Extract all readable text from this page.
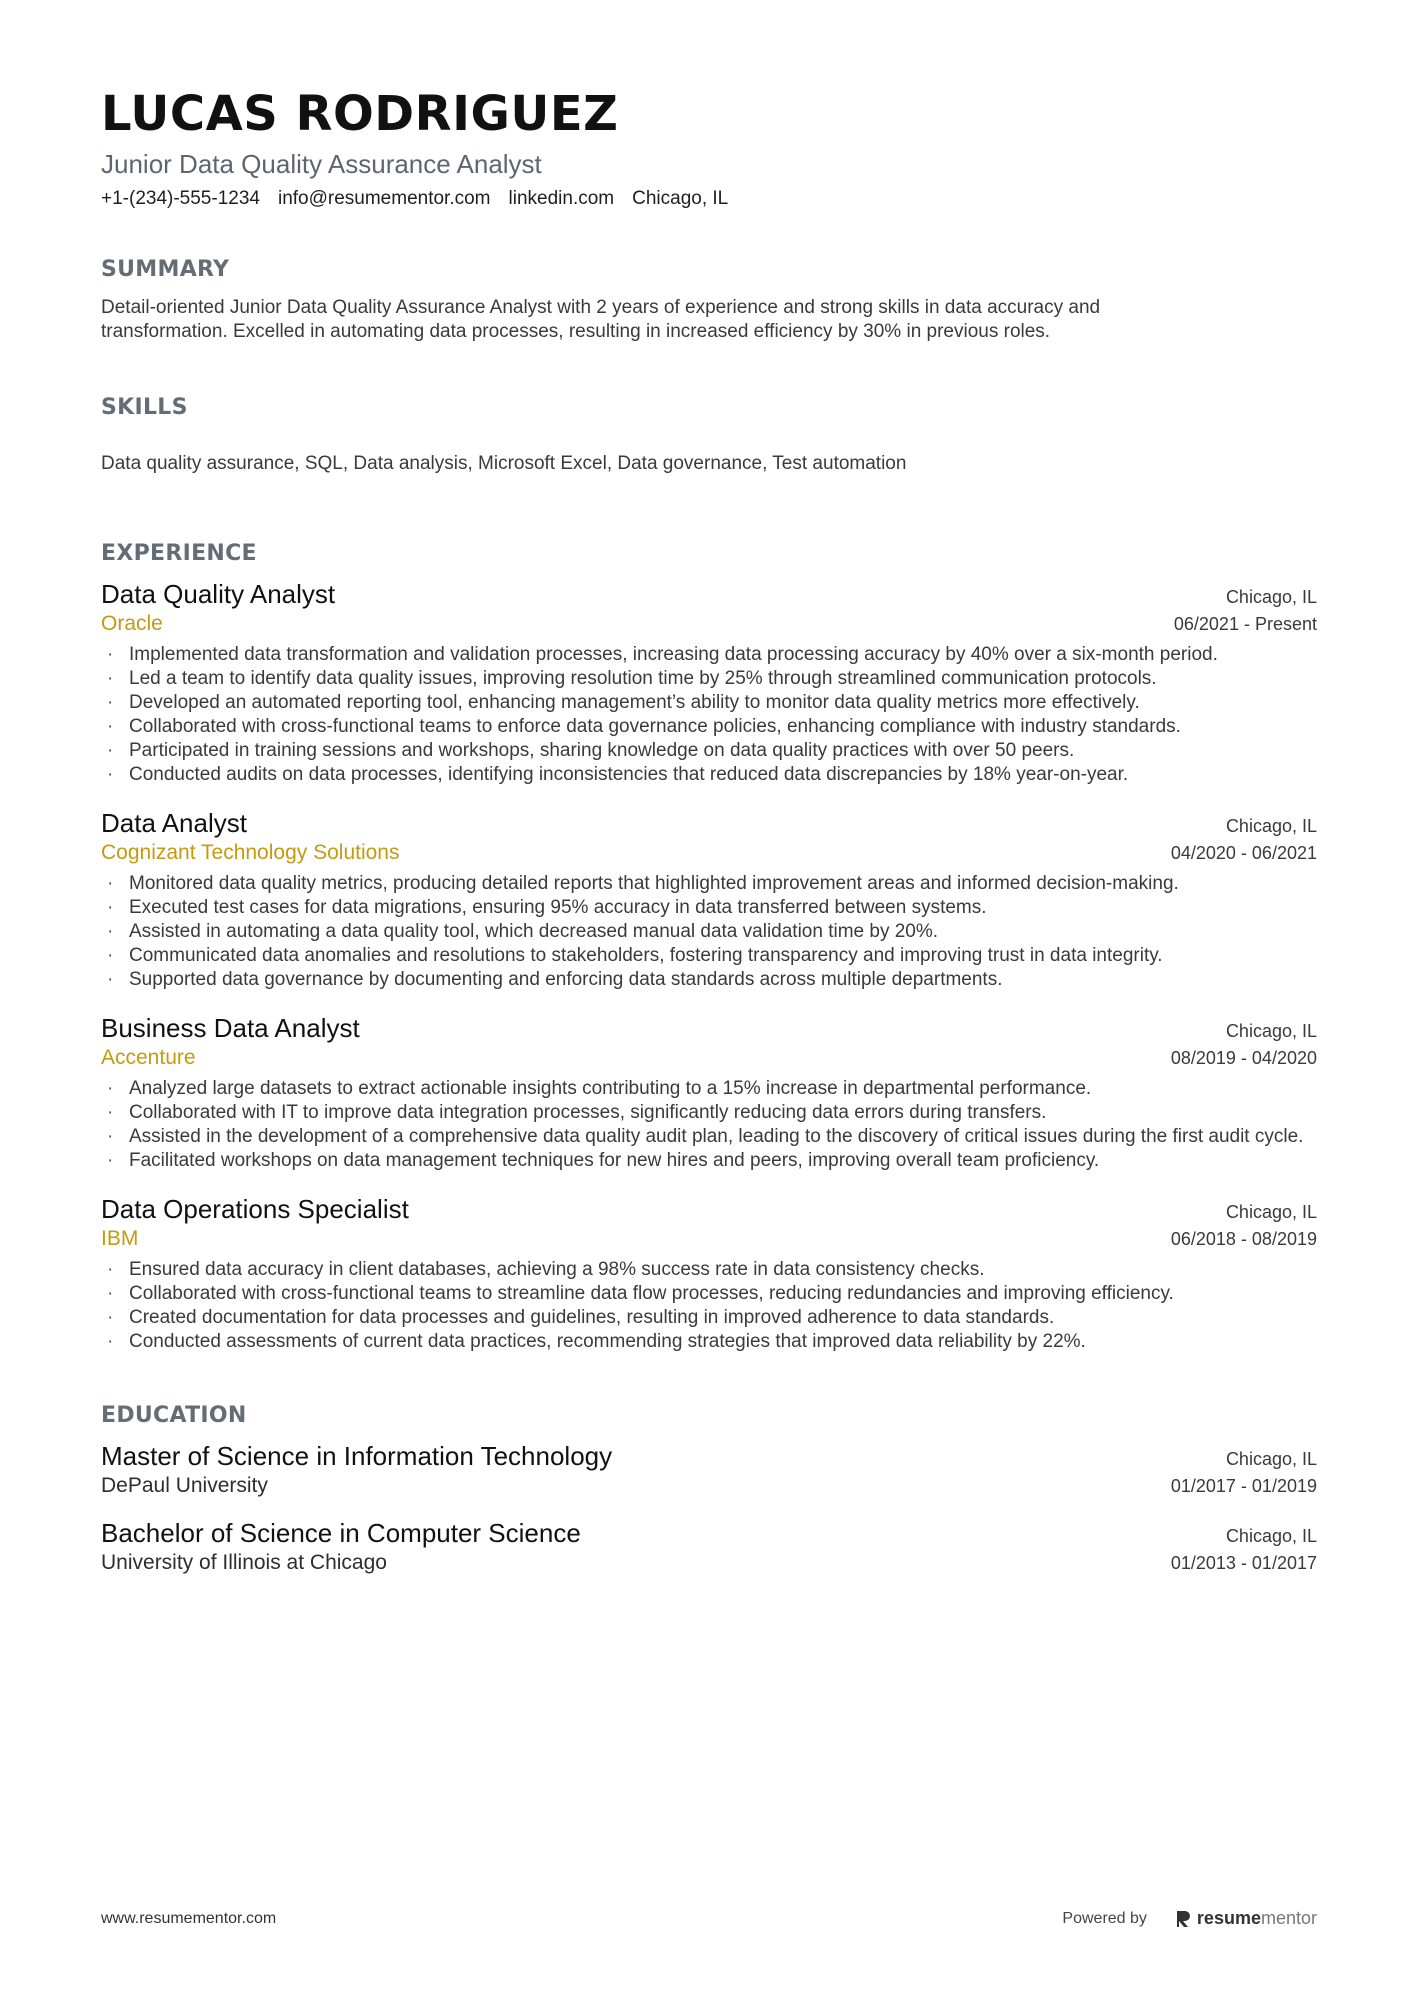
LUCAS RODRIGUEZ
Junior Data Quality Assurance Analyst
+1-(234)-555-1234 info@resumementor.com linkedin.com Chicago, IL
SUMMARY
Detail-oriented Junior Data Quality Assurance Analyst with 2 years of experience and strong skills in data accuracy and transformation. Excelled in automating data processes, resulting in increased efficiency by 30% in previous roles.
SKILLS
Data quality assurance, SQL, Data analysis, Microsoft Excel, Data governance, Test automation
EXPERIENCE
Data Quality Analyst	Chicago, IL
Oracle	06/2021 - Present
· Implemented data transformation and validation processes, increasing data processing accuracy by 40% over a six-month period.
· Led a team to identify data quality issues, improving resolution time by 25% through streamlined communication protocols.
· Developed an automated reporting tool, enhancing management’s ability to monitor data quality metrics more effectively.
· Collaborated with cross-functional teams to enforce data governance policies, enhancing compliance with industry standards.
· Participated in training sessions and workshops, sharing knowledge on data quality practices with over 50 peers.
· Conducted audits on data processes, identifying inconsistencies that reduced data discrepancies by 18% year-on-year.
Data Analyst	Chicago, IL
Cognizant Technology Solutions	04/2020 - 06/2021
· Monitored data quality metrics, producing detailed reports that highlighted improvement areas and informed decision-making.
· Executed test cases for data migrations, ensuring 95% accuracy in data transferred between systems.
· Assisted in automating a data quality tool, which decreased manual data validation time by 20%.
· Communicated data anomalies and resolutions to stakeholders, fostering transparency and improving trust in data integrity.
· Supported data governance by documenting and enforcing data standards across multiple departments.
Business Data Analyst	Chicago, IL
Accenture	08/2019 - 04/2020
· Analyzed large datasets to extract actionable insights contributing to a 15% increase in departmental performance.
· Collaborated with IT to improve data integration processes, significantly reducing data errors during transfers.
· Assisted in the development of a comprehensive data quality audit plan, leading to the discovery of critical issues during the first audit cycle.
· Facilitated workshops on data management techniques for new hires and peers, improving overall team proficiency.
Data Operations Specialist	Chicago, IL
IBM	06/2018 - 08/2019
· Ensured data accuracy in client databases, achieving a 98% success rate in data consistency checks.
· Collaborated with cross-functional teams to streamline data flow processes, reducing redundancies and improving efficiency.
· Created documentation for data processes and guidelines, resulting in improved adherence to data standards.
· Conducted assessments of current data practices, recommending strategies that improved data reliability by 22%.
EDUCATION
Master of Science in Information Technology	Chicago, IL
DePaul University	01/2017 - 01/2019
Bachelor of Science in Computer Science	Chicago, IL
University of Illinois at Chicago	01/2013 - 01/2017
www.resumementor.com	Powered by	resumementor
